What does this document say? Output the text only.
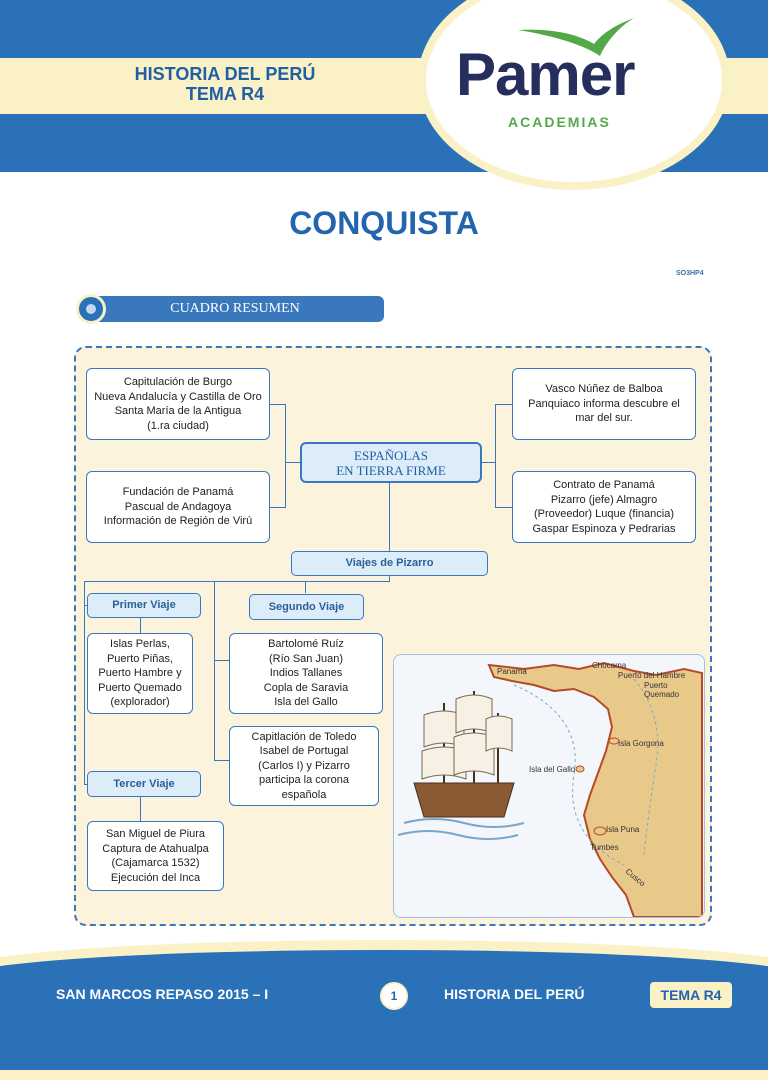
HISTORIA DEL PERÚ
TEMA R4	Pamer
ACADEMIAS
CONQUISTA
SO3HP4
CUADRO RESUMEN
Capitulación de Burgo
Nueva Andalucía y Castilla de Oro
Santa María de la Antigua
(1.ra ciudad)
Fundación de Panamá
Pascual de Andagoya
Información de Región de Virú
ESPAÑOLAS
EN TIERRA FIRME
Vasco Núñez de Balboa
Panquiaco informa descubre el
mar del sur.
Contrato de Panamá
Pizarro (jefe) Almagro
(Proveedor) Luque (financia)
Gaspar Espinoza y Pedrarias
Viajes de Pizarro
Primer Viaje	Segundo Viaje
Islas Perlas,
Puerto Piñas,
Puerto Hambre y
Puerto Quemado
(explorador)
Bartolomé Ruíz
(Río San Juan)
Indios Tallanes
Copla de Saravia
Isla del Gallo
Capitlación de Toledo
Isabel de Portugal
(Carlos I) y Pizarro
participa la corona
española
Tercer Viaje
San Miguel de Piura
Captura de Atahualpa
(Cajamarca 1532)
Ejecución del Inca
Panamá
Chocama
Puerto del Hambre
Puerto Quemado
Isla Gorgona
Isla del Gallo
Isla Puna
Tumbes
Cusco
SAN MARCOS REPASO 2015 – I	1	HISTORIA DEL PERÚ	TEMA R4
